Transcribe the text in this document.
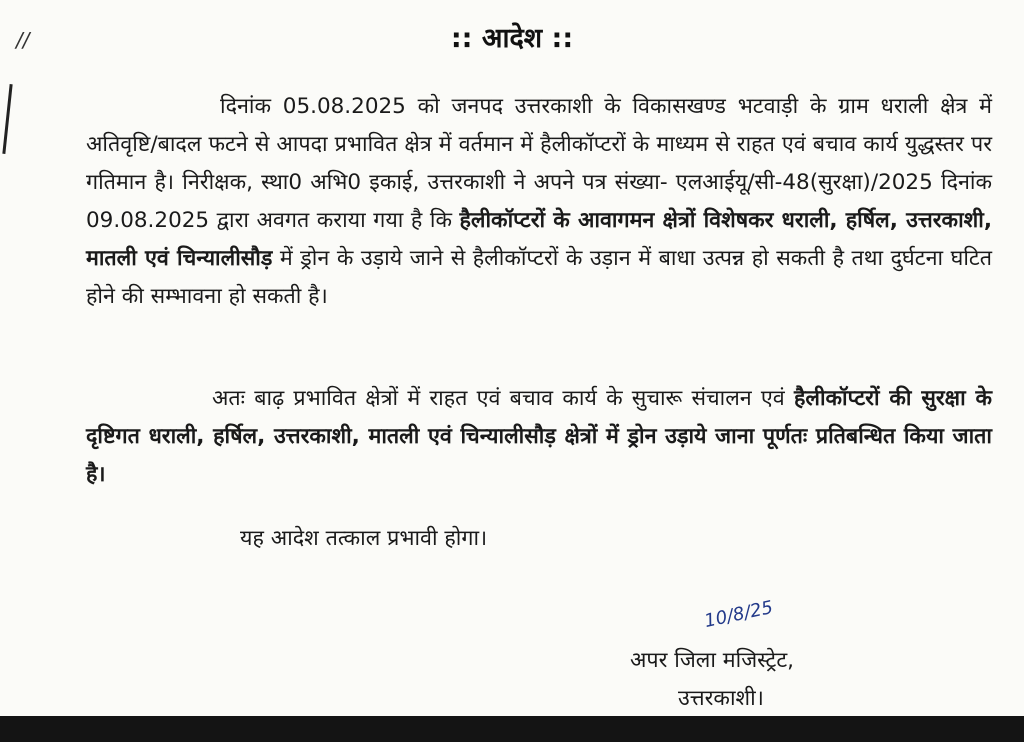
//	:: आदेश ::
दिनांक 05.08.2025 को जनपद उत्तरकाशी के विकासखण्ड भटवाड़ी के ग्राम धराली क्षेत्र में अतिवृष्टि/बादल फटने से आपदा प्रभावित क्षेत्र में वर्तमान में हैलीकॉप्टरों के माध्यम से राहत एवं बचाव कार्य युद्धस्तर पर गतिमान है। निरीक्षक, स्था0 अभि0 इकाई, उत्तरकाशी ने अपने पत्र संख्या- एलआईयू/सी-48(सुरक्षा)/2025 दिनांक 09.08.2025 द्वारा अवगत कराया गया है कि हैलीकॉप्टरों के आवागमन क्षेत्रों विशेषकर धराली, हर्षिल, उत्तरकाशी, मातली एवं चिन्यालीसौड़ में ड्रोन के उड़ाये जाने से हैलीकॉप्टरों के उड़ान में बाधा उत्पन्न हो सकती है तथा दुर्घटना घटित होने की सम्भावना हो सकती है।
अतः बाढ़ प्रभावित क्षेत्रों में राहत एवं बचाव कार्य के सुचारू संचालन एवं हैलीकॉप्टरों की सुरक्षा के दृष्टिगत धराली, हर्षिल, उत्तरकाशी, मातली एवं चिन्यालीसौड़ क्षेत्रों में ड्रोन उड़ाये जाना पूर्णतः प्रतिबन्धित किया जाता है।
यह आदेश तत्काल प्रभावी होगा।
10/8/25
अपर जिला मजिस्ट्रेट,
उत्तरकाशी।
